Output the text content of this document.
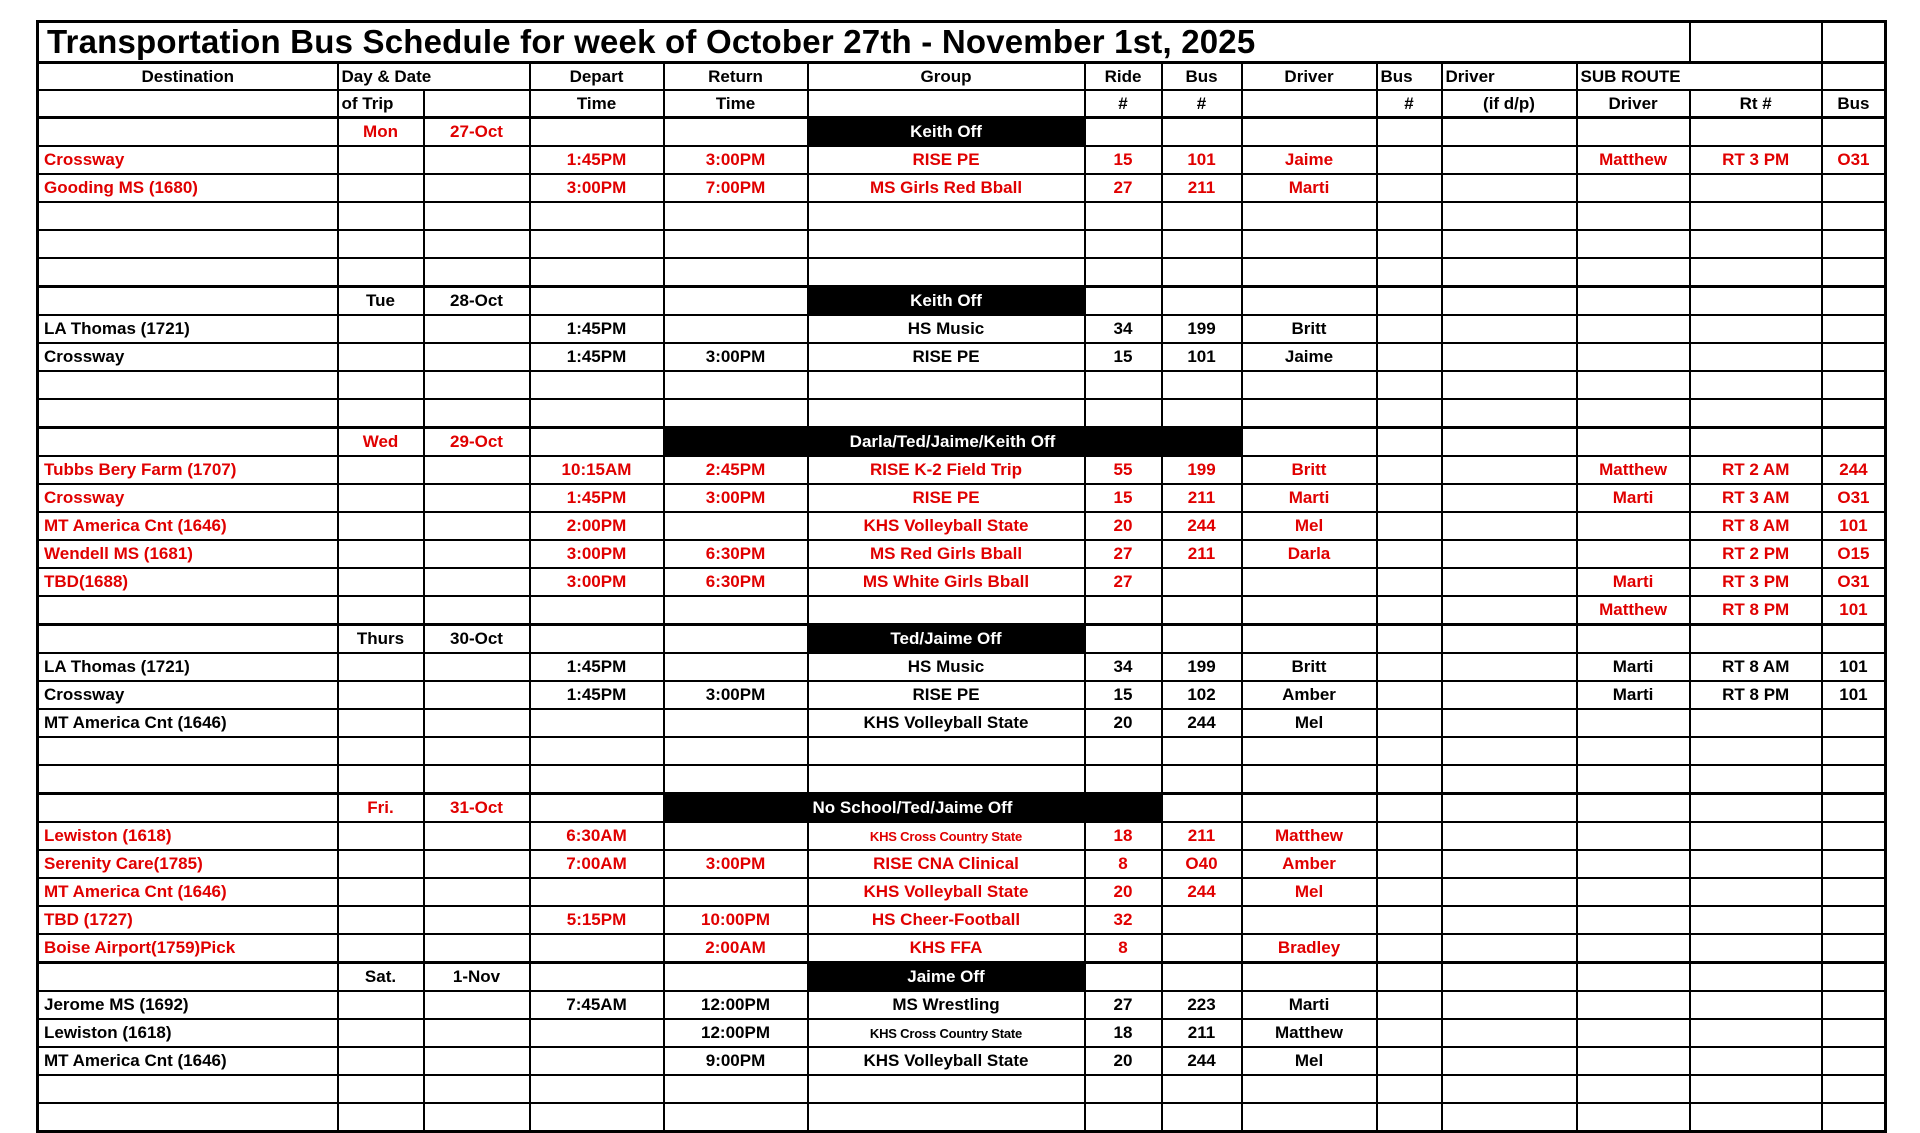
Transportation Bus Schedule for week of October 27th - November 1st, 2025													
Destination	Day & Date		Depart	Return	Group	Ride	Bus	Driver	Bus	Driver	SUB ROUTE		
	of Trip		Time	Time		#	#		#	(if d/p)	Driver	Rt #	Bus
	Mon	27-Oct			Keith Off								
Crossway			1:45PM	3:00PM	RISE PE	15	101	Jaime			Matthew	RT 3 PM	O31
Gooding MS (1680)			3:00PM	7:00PM	MS Girls Red Bball	27	211	Marti					

	Tue	28-Oct			Keith Off								
LA Thomas (1721)			1:45PM		HS Music	34	199	Britt					
Crossway			1:45PM	3:00PM	RISE PE	15	101	Jaime					

	Wed	29-Oct		Darla/Ted/Jaime/Keith Off									
Tubbs Bery Farm (1707)			10:15AM	2:45PM	RISE K-2 Field Trip	55	199	Britt			Matthew	RT 2 AM	244
Crossway			1:45PM	3:00PM	RISE PE	15	211	Marti			Marti	RT 3 AM	O31
MT America Cnt (1646)			2:00PM		KHS Volleyball State	20	244	Mel				RT 8 AM	101
Wendell MS (1681)			3:00PM	6:30PM	MS Red Girls Bball	27	211	Darla				RT 2 PM	O15
TBD(1688)			3:00PM	6:30PM	MS White Girls Bball	27					Marti	RT 3 PM	O31
											Matthew	RT 8 PM	101
	Thurs	30-Oct			Ted/Jaime Off								
LA Thomas (1721)			1:45PM		HS Music	34	199	Britt			Marti	RT 8 AM	101
Crossway			1:45PM	3:00PM	RISE PE	15	102	Amber			Marti	RT 8 PM	101
MT America Cnt (1646)					KHS Volleyball State	20	244	Mel					

	Fri.	31-Oct		No School/Ted/Jaime Off									
Lewiston (1618)			6:30AM		KHS Cross Country State	18	211	Matthew					
Serenity Care(1785)			7:00AM	3:00PM	RISE CNA Clinical	8	O40	Amber					
MT America Cnt (1646)					KHS Volleyball State	20	244	Mel					
TBD (1727)			5:15PM	10:00PM	HS Cheer-Football	32							
Boise Airport(1759)Pick				2:00AM	KHS FFA	8		Bradley					
	Sat.	1-Nov			Jaime Off								
Jerome MS (1692)			7:45AM	12:00PM	MS Wrestling	27	223	Marti					
Lewiston (1618)				12:00PM	KHS Cross Country State	18	211	Matthew					
MT America Cnt (1646)				9:00PM	KHS Volleyball State	20	244	Mel					
